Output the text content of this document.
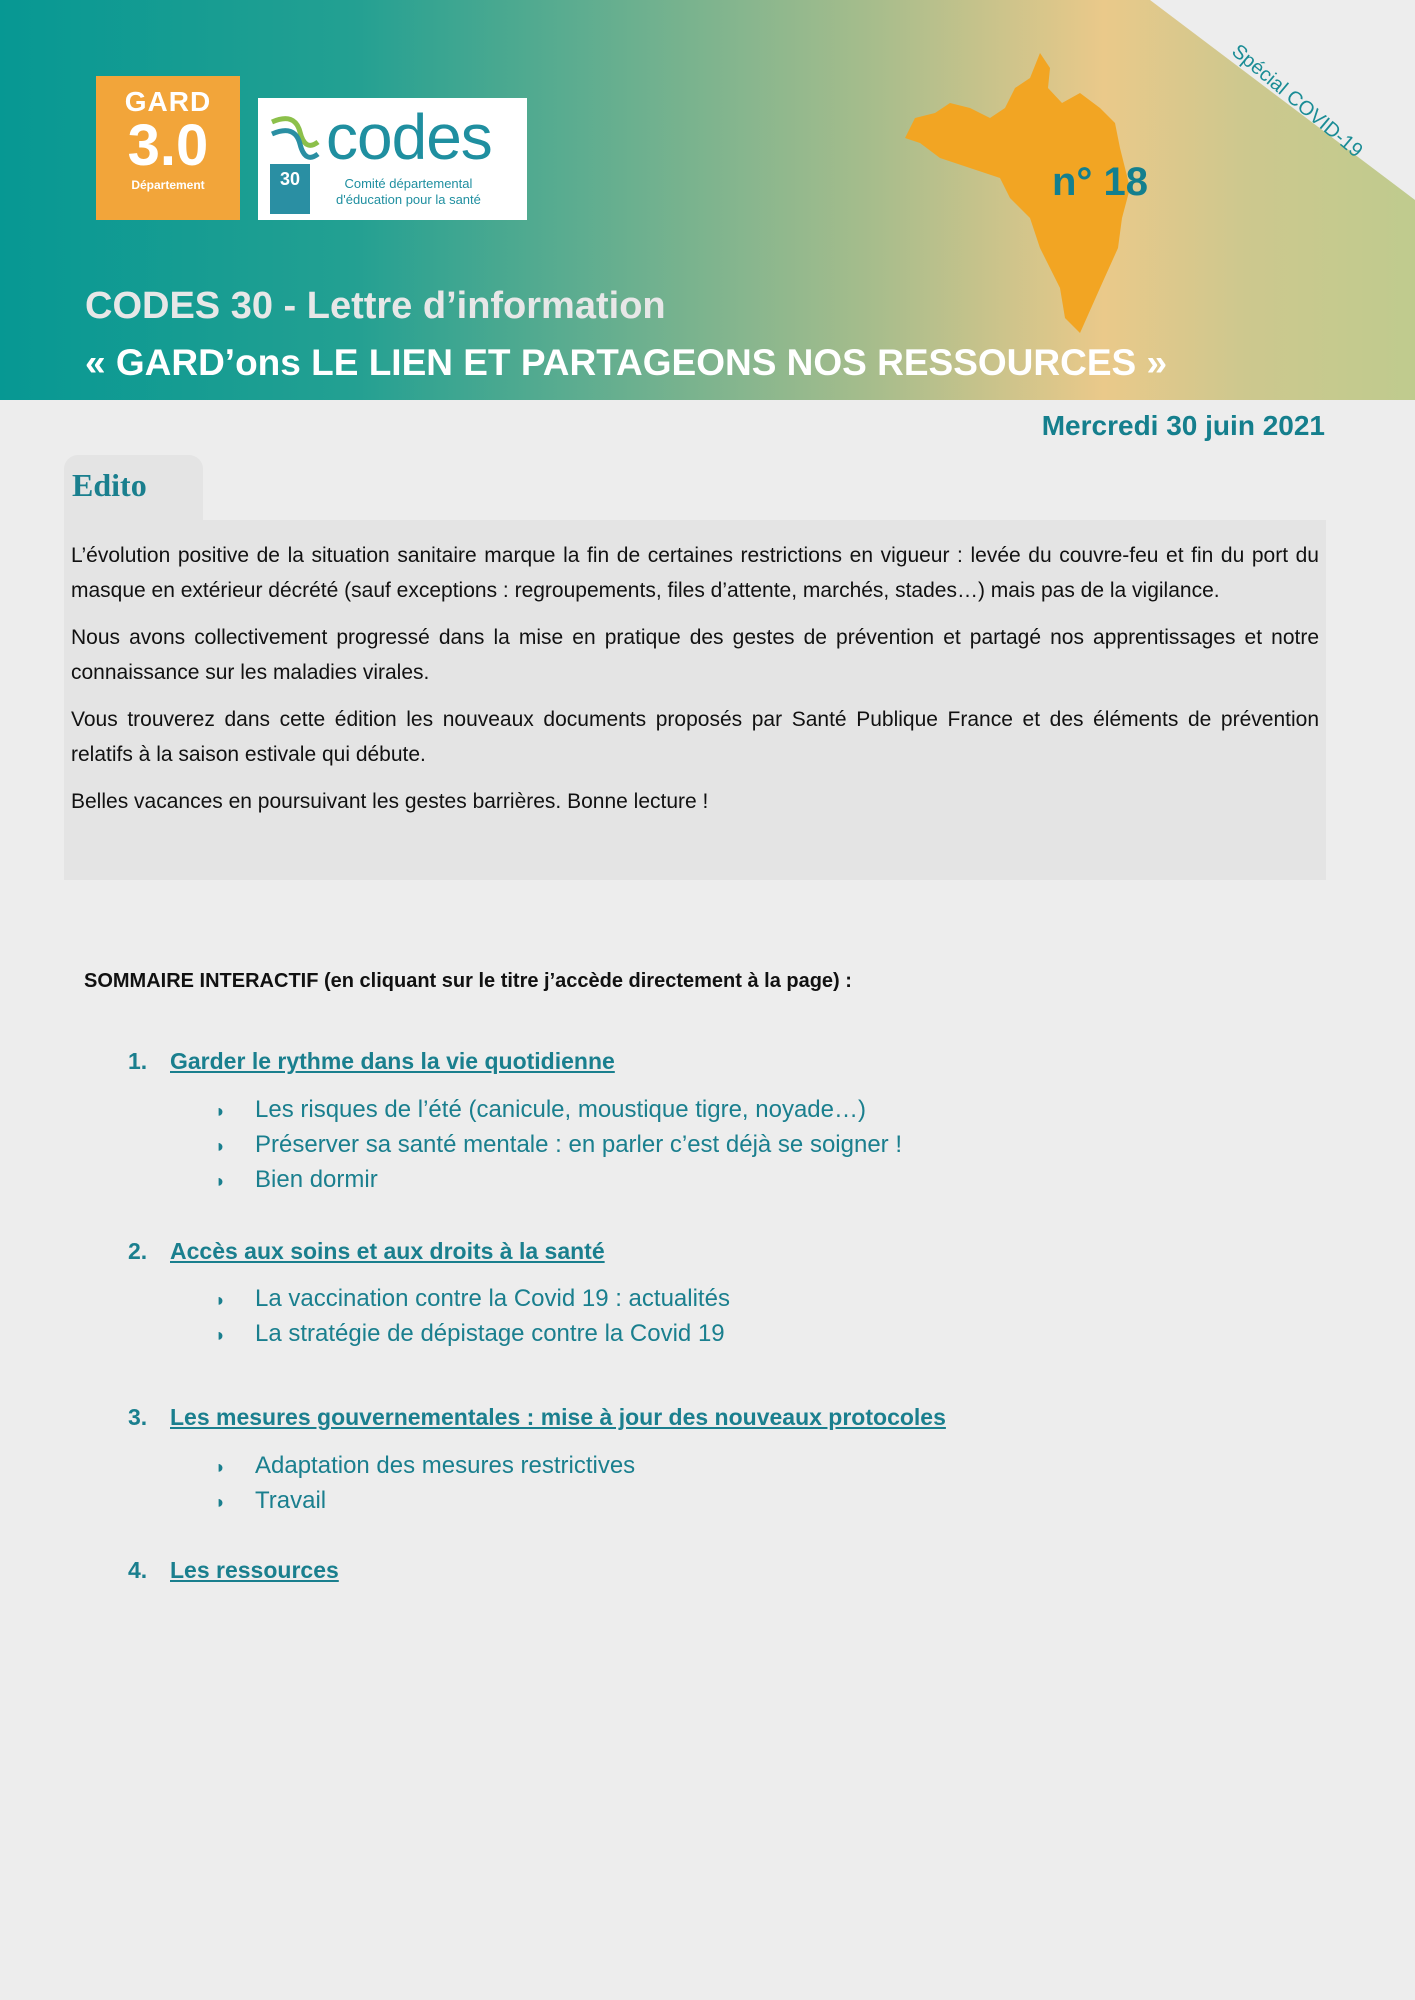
Spécial COVID-19
GARD
3.0
Département	30
codes
Comité départemental
d'éducation pour la santé	n° 18
CODES 30 - Lettre d’information
« GARD’ons LE LIEN ET PARTAGEONS NOS RESSOURCES »
Mercredi 30 juin 2021
Edito

L’évolution positive de la situation sanitaire marque la fin de certaines restrictions en vigueur : levée du couvre-feu et fin du port du masque en extérieur décrété (sauf exceptions : regroupements, files d’attente, marchés, stades…) mais pas de la vigilance.

Nous avons collectivement progressé dans la mise en pratique des gestes de prévention et partagé nos apprentissages et notre connaissance sur les maladies virales.

Vous trouverez dans cette édition les nouveaux documents proposés par Santé Publique France et des éléments de prévention relatifs à la saison estivale qui débute.

Belles vacances en poursuivant les gestes barrières. Bonne lecture !

SOMMAIRE INTERACTIF (en cliquant sur le titre j’accède directement à la page) :
1. Garder le rythme dans la vie quotidienne
◗ Les risques de l’été (canicule, moustique tigre, noyade…)
◗ Préserver sa santé mentale : en parler c’est déjà se soigner !
◗ Bien dormir
2. Accès aux soins et aux droits à la santé
◗ La vaccination contre la Covid 19 : actualités
◗ La stratégie de dépistage contre la Covid 19
3. Les mesures gouvernementales : mise à jour des nouveaux protocoles
◗ Adaptation des mesures restrictives
◗ Travail
4. Les ressources
